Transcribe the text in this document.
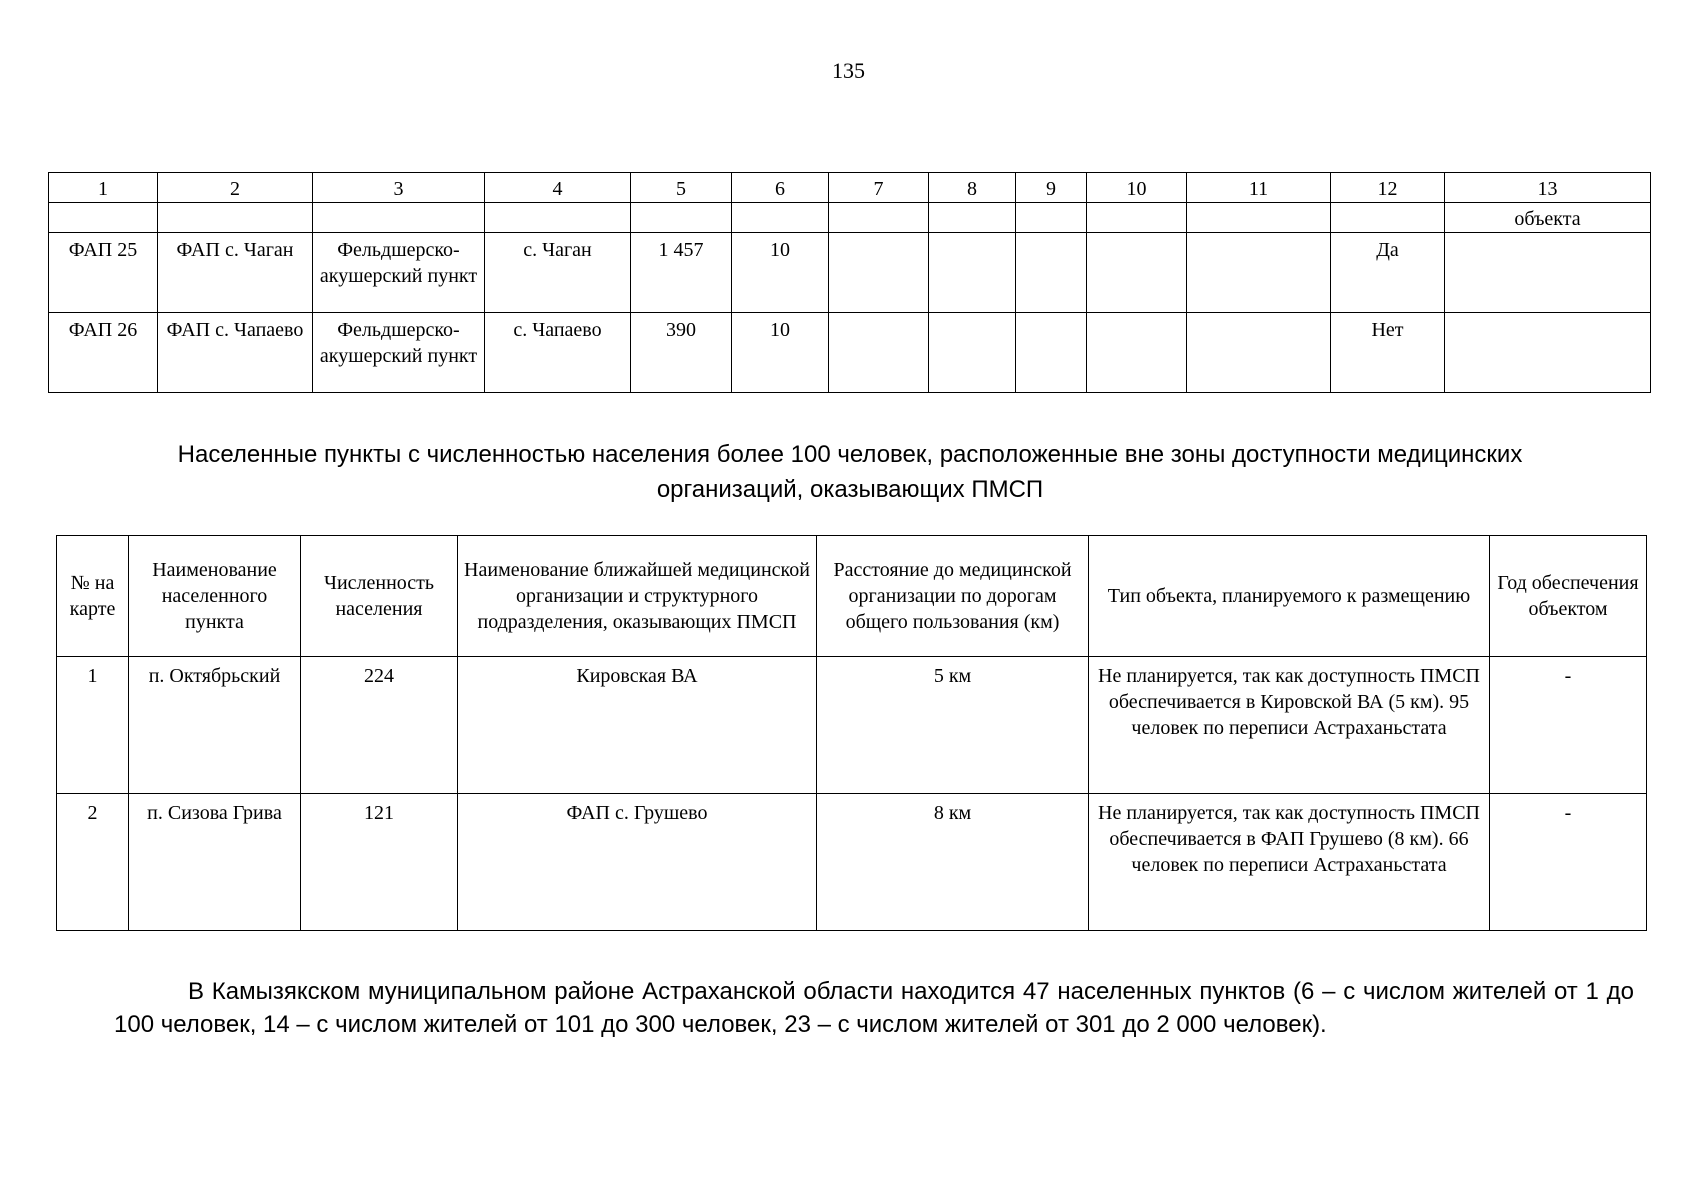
135
1	2	3	4	5	6	7	8	9	10	11	12	13
												объекта
ФАП 25	ФАП с. Чаган	Фельдшерско-акушерский пункт	с. Чаган	1 457	10						Да	
ФАП 26	ФАП с. Чапаево	Фельдшерско-акушерский пункт	с. Чапаево	390	10						Нет	
Населенные пункты с численностью населения более 100 человек, расположенные вне зоны доступности медицинских организаций, оказывающих ПМСП
№ на карте	Наименование населенного пункта	Численность населения	Наименование ближайшей медицинской организации и структурного подразделения, оказывающих ПМСП	Расстояние до медицинской организации по дорогам общего пользования (км)	Тип объекта, планируемого к размещению	Год обеспечения объектом
1	п. Октябрьский	224	Кировская ВА	5 км	Не планируется, так как доступность ПМСП обеспечивается в Кировской ВА (5 км). 95 человек по переписи Астраханьстата	-
2	п. Сизова Грива	121	ФАП с. Грушево	8 км	Не планируется, так как доступность ПМСП обеспечивается в ФАП Грушево (8 км). 66 человек по переписи Астраханьстата	-
В Камызякском муниципальном районе Астраханской области находится 47 населенных пунктов (6 – с числом жителей от 1 до 100 человек, 14 – с числом жителей от 101 до 300 человек, 23 – с числом жителей от 301 до 2 000 человек).
